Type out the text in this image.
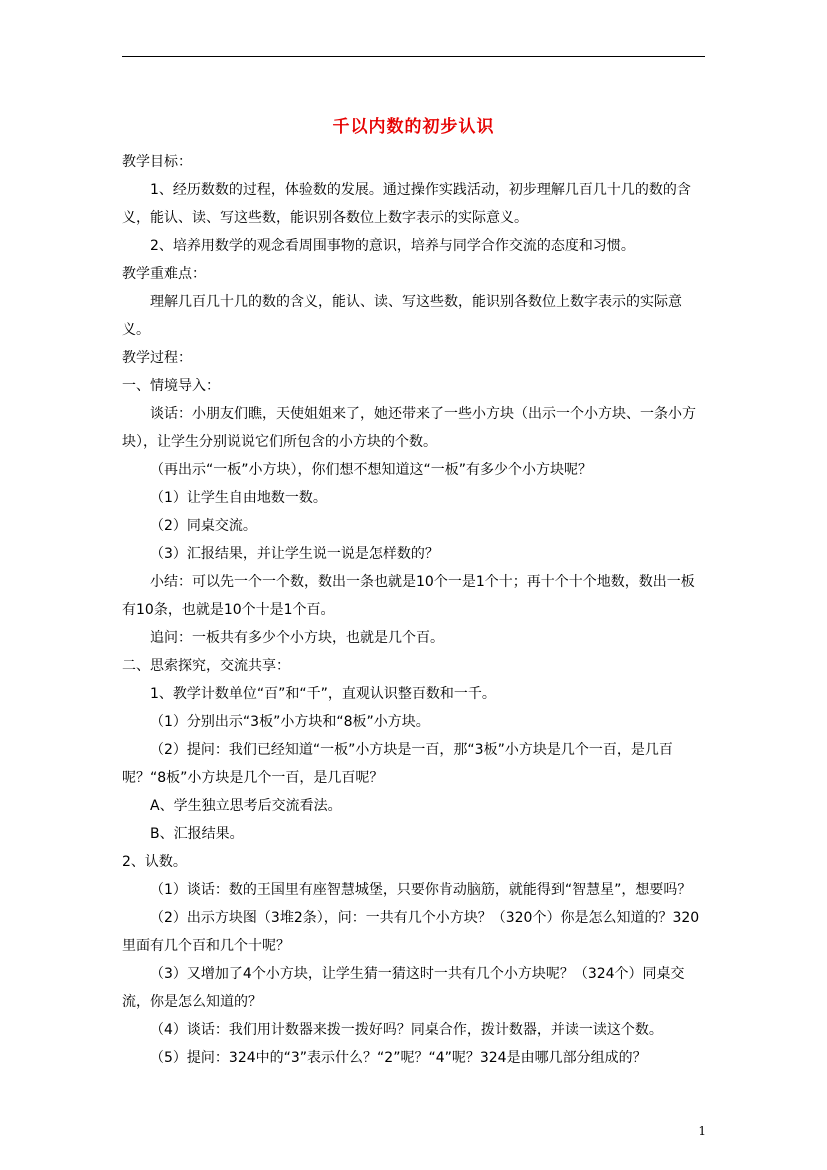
千以内数的初步认识

教学目标：

1、经历数数的过程，体验数的发展。通过操作实践活动，初步理解几百几十几的数的含义，能认、读、写这些数，能识别各数位上数字表示的实际意义。

2、培养用数学的观念看周围事物的意识，培养与同学合作交流的态度和习惯。

教学重难点：

理解几百几十几的数的含义，能认、读、写这些数，能识别各数位上数字表示的实际意义。

教学过程：

一、情境导入：

谈话：小朋友们瞧，天使姐姐来了，她还带来了一些小方块（出示一个小方块、一条小方块），让学生分别说说它们所包含的小方块的个数。

（再出示“一板”小方块），你们想不想知道这“一板”有多少个小方块呢？

（1）让学生自由地数一数。

（2）同桌交流。

（3）汇报结果，并让学生说一说是怎样数的？

小结：可以先一个一个数，数出一条也就是10个一是1个十；再十个十个地数，数出一板有10条，也就是10个十是1个百。

追问：一板共有多少个小方块，也就是几个百。

二、思索探究，交流共享：

1、教学计数单位“百”和“千”，直观认识整百数和一千。

（1）分别出示“3板”小方块和“8板”小方块。

（2）提问：我们已经知道“一板”小方块是一百，那“3板”小方块是几个一百，是几百呢？“8板”小方块是几个一百，是几百呢？

A、学生独立思考后交流看法。

B、汇报结果。

2、认数。

（1）谈话：数的王国里有座智慧城堡，只要你肯动脑筋，就能得到“智慧星”，想要吗？

（2）出示方块图（3堆2条），问：一共有几个小方块？（320个）你是怎么知道的？320里面有几个百和几个十呢？

（3）又增加了4个小方块，让学生猜一猜这时一共有几个小方块呢？（324个）同桌交流，你是怎么知道的？

（4）谈话：我们用计数器来拨一拨好吗？同桌合作，拨计数器，并读一读这个数。

（5）提问：324中的“3”表示什么？“2”呢？“4”呢？324是由哪几部分组成的？

1
